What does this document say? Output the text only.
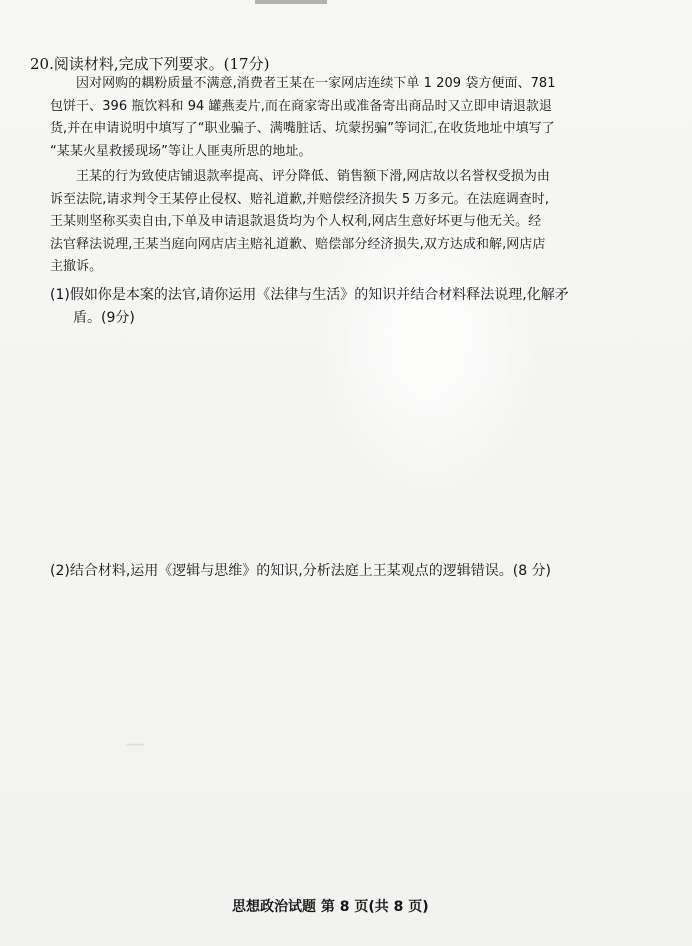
20.阅读材料,完成下列要求。(17分)
因对网购的耦粉质量不满意,消费者王某在一家网店连续下单 1 209 袋方便面、781
包饼干、396 瓶饮料和 94 罐燕麦片,而在商家寄出或准备寄出商品时又立即申请退款退
货,并在申请说明中填写了“职业骗子、满嘴脏话、坑蒙拐骗”等词汇,在收货地址中填写了
“某某火星救援现场”等让人匪夷所思的地址。
王某的行为致使店铺退款率提高、评分降低、销售额下滑,网店故以名誉权受损为由
诉至法院,请求判令王某停止侵权、赔礼道歉,并赔偿经济损失 5 万多元。在法庭调查时,
王某则坚称买卖自由,下单及申请退款退货均为个人权利,网店生意好坏更与他无关。经
法官释法说理,王某当庭向网店店主赔礼道歉、赔偿部分经济损失,双方达成和解,网店店
主撤诉。
(1)假如你是本案的法官,请你运用《法律与生活》的知识并结合材料释法说理,化解矛
盾。(9分)
(2)结合材料,运用《逻辑与思维》的知识,分析法庭上王某观点的逻辑错误。(8 分)
┉┉┉
思想政治试题 第 8 页(共 8 页)
